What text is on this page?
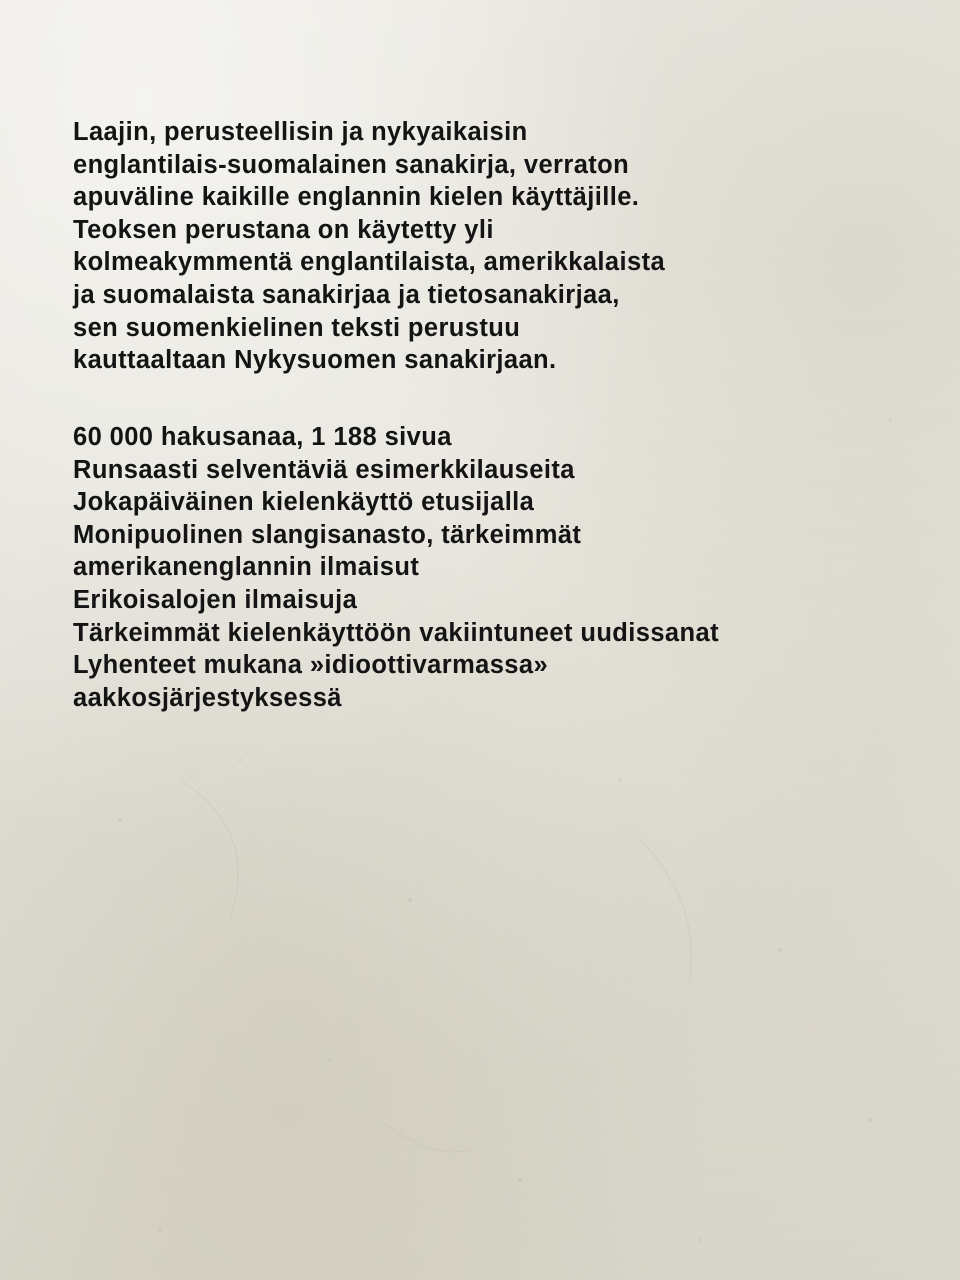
Laajin, perusteellisin ja nykyaikaisin
englantilais-suomalainen sanakirja, verraton
apuväline kaikille englannin kielen käyttäjille.
Teoksen perustana on käytetty yli
kolmeakymmentä englantilaista, amerikkalaista
ja suomalaista sanakirjaa ja tietosanakirjaa,
sen suomenkielinen teksti perustuu
kauttaaltaan Nykysuomen sanakirjaan.
60 000 hakusanaa, 1 188 sivua
Runsaasti selventäviä esimerkkilauseita
Jokapäiväinen kielenkäyttö etusijalla
Monipuolinen slangisanasto, tärkeimmät
amerikanenglannin ilmaisut
Erikoisalojen ilmaisuja
Tärkeimmät kielenkäyttöön vakiintuneet uudissanat
Lyhenteet mukana »idioottivarmassa»
aakkosjärjestyksessä
